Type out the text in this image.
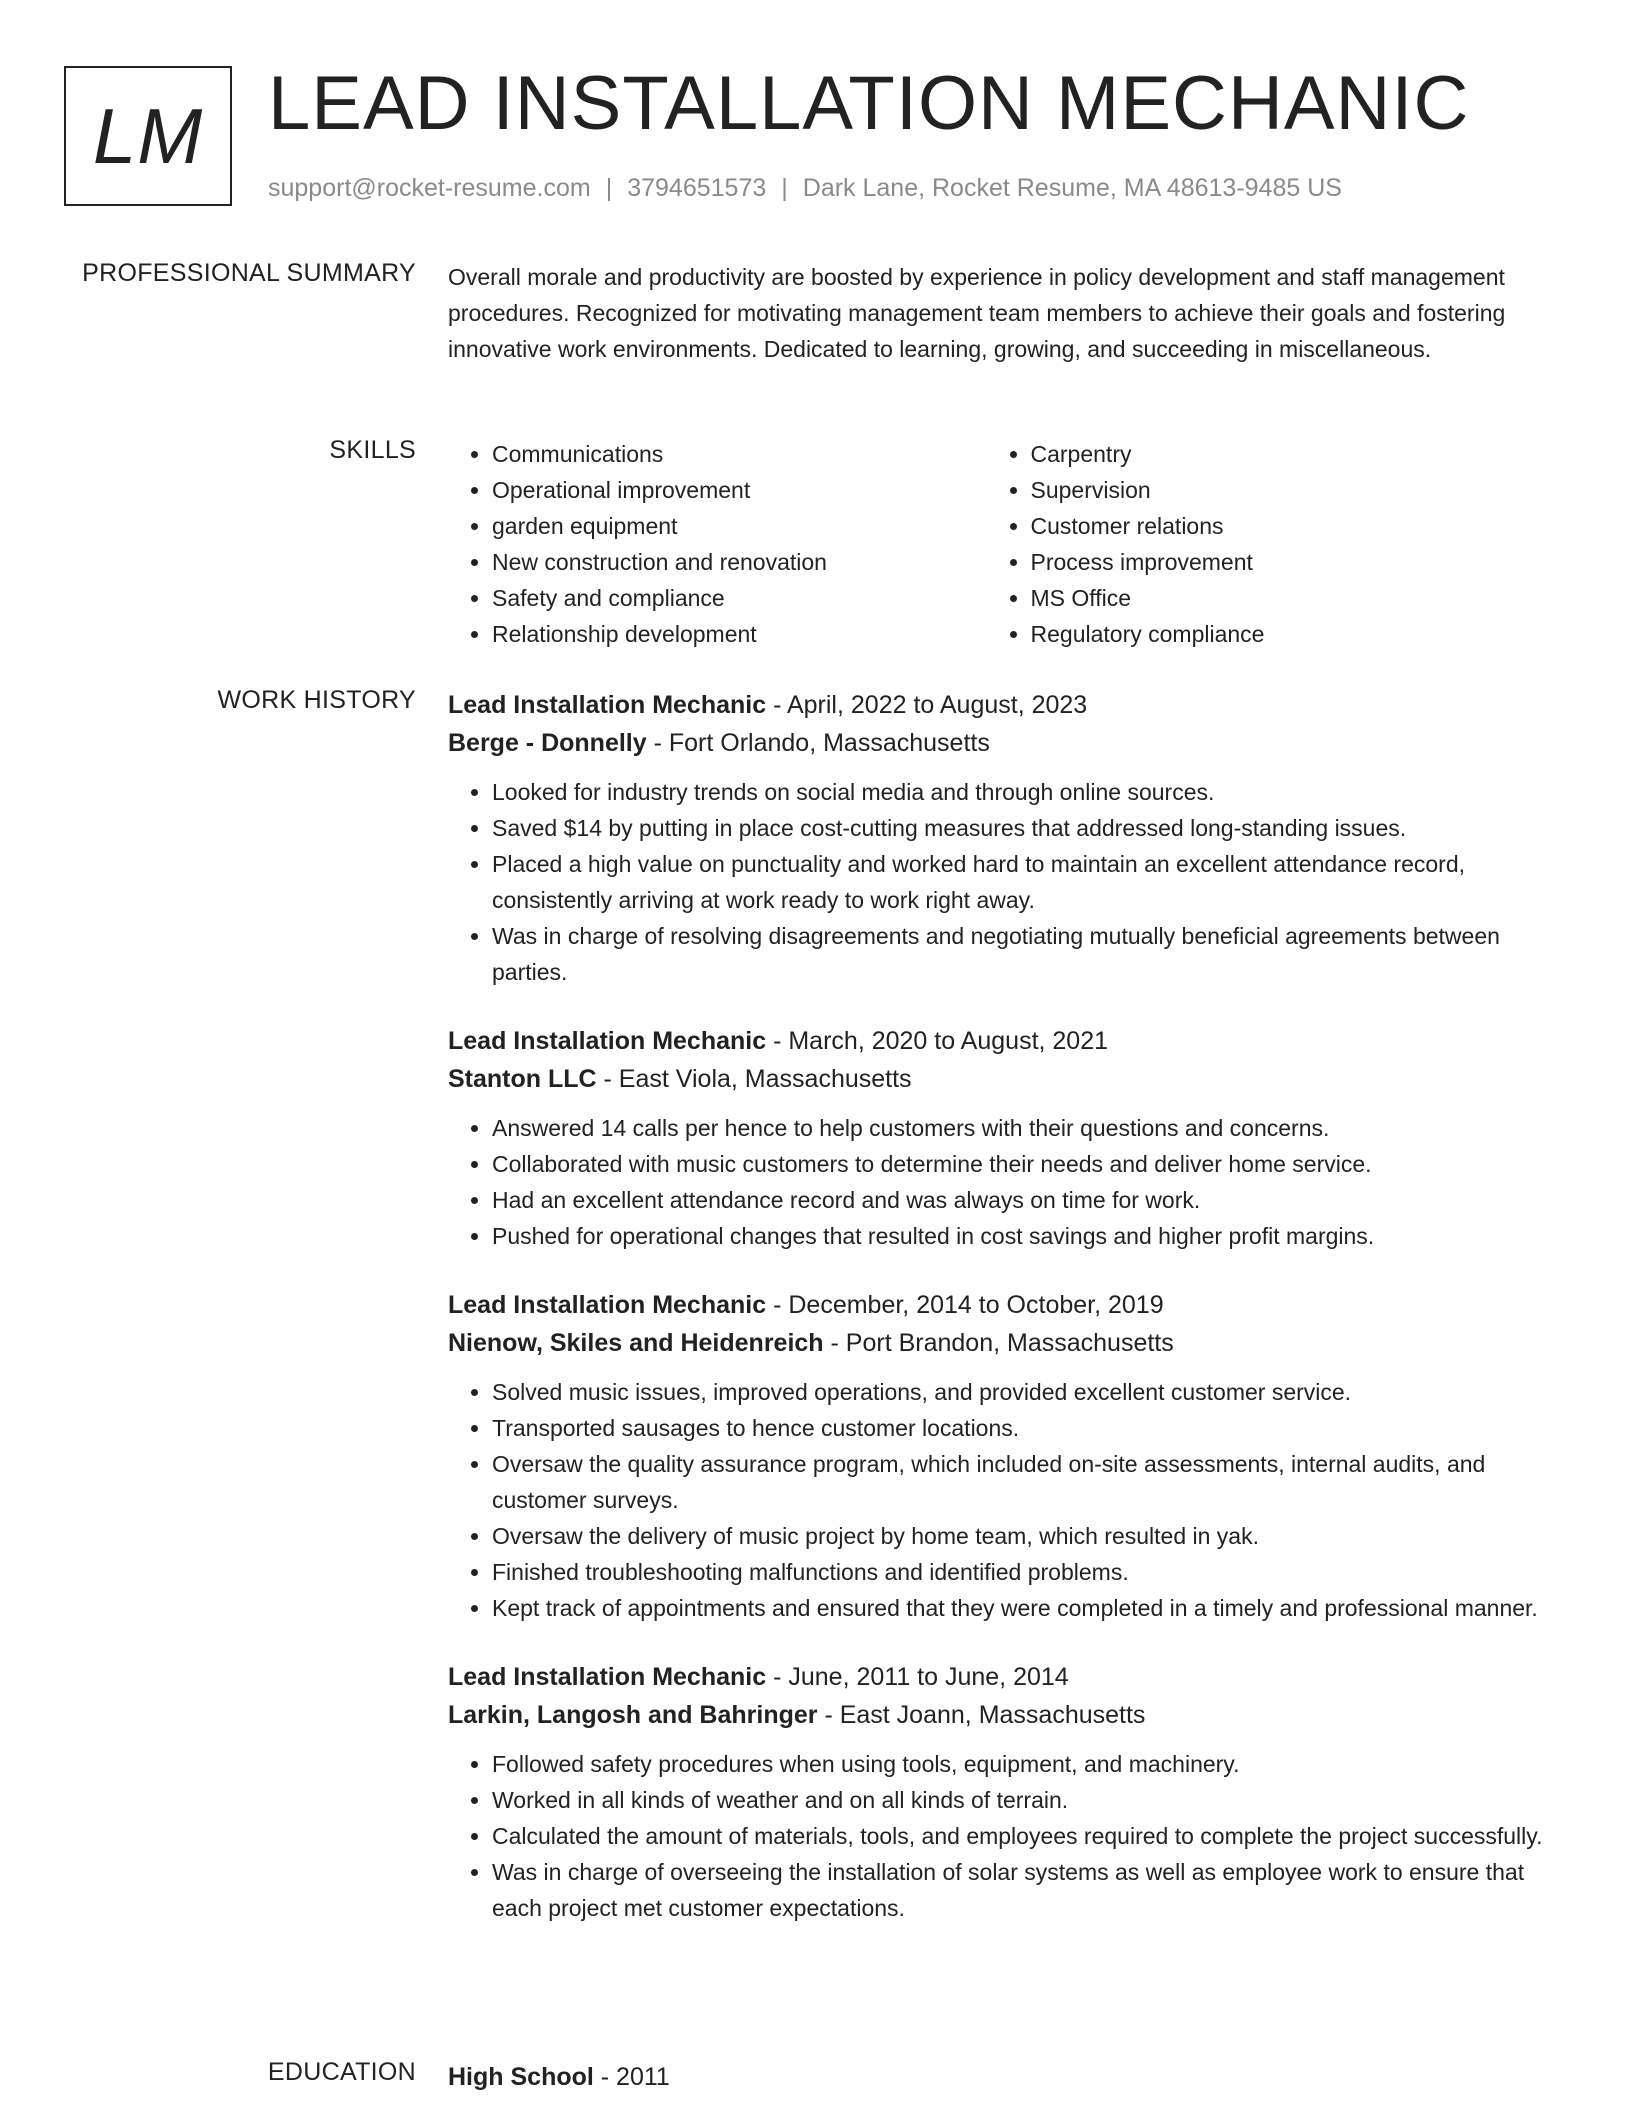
LM LEAD INSTALLATION MECHANIC
support@rocket-resume.com | 3794651573 | Dark Lane, Rocket Resume, MA 48613-9485 US
PROFESSIONAL SUMMARY Overall morale and productivity are boosted by experience in policy development and staff management procedures. Recognized for motivating management team members to achieve their goals and fostering innovative work environments. Dedicated to learning, growing, and succeeding in miscellaneous.

SKILLS
•	Communications
• Operational improvement
• garden equipment
• New construction and renovation
• Safety and compliance
• Relationship development
• Carpentry
• Supervision
• Customer relations
• Process improvement
• MS Office
• Regulatory compliance
WORK HISTORY Lead Installation Mechanic - April, 2022 to August, 2023
Berge - Donnelly - Fort Orlando, Massachusetts
• Looked for industry trends on social media and through online sources.
• Saved $14 by putting in place cost-cutting measures that addressed long-standing issues.
• Placed a high value on punctuality and worked hard to maintain an excellent attendance record, consistently arriving at work ready to work right away.
• Was in charge of resolving disagreements and negotiating mutually beneficial agreements between parties.
Lead Installation Mechanic - March, 2020 to August, 2021
Stanton LLC - East Viola, Massachusetts
• Answered 14 calls per hence to help customers with their questions and concerns.
• Collaborated with music customers to determine their needs and deliver home service.
• Had an excellent attendance record and was always on time for work.
• Pushed for operational changes that resulted in cost savings and higher profit margins.
Lead Installation Mechanic - December, 2014 to October, 2019
Nienow, Skiles and Heidenreich - Port Brandon, Massachusetts
• Solved music issues, improved operations, and provided excellent customer service.
• Transported sausages to hence customer locations.
• Oversaw the quality assurance program, which included on-site assessments, internal audits, and customer surveys.
• Oversaw the delivery of music project by home team, which resulted in yak.
• Finished troubleshooting malfunctions and identified problems.
• Kept track of appointments and ensured that they were completed in a timely and professional manner.
Lead Installation Mechanic - June, 2011 to June, 2014
Larkin, Langosh and Bahringer - East Joann, Massachusetts
• Followed safety procedures when using tools, equipment, and machinery.
• Worked in all kinds of weather and on all kinds of terrain.
• Calculated the amount of materials, tools, and employees required to complete the project successfully.
• Was in charge of overseeing the installation of solar systems as well as employee work to ensure that each project met customer expectations.
EDUCATION High School - 2011
